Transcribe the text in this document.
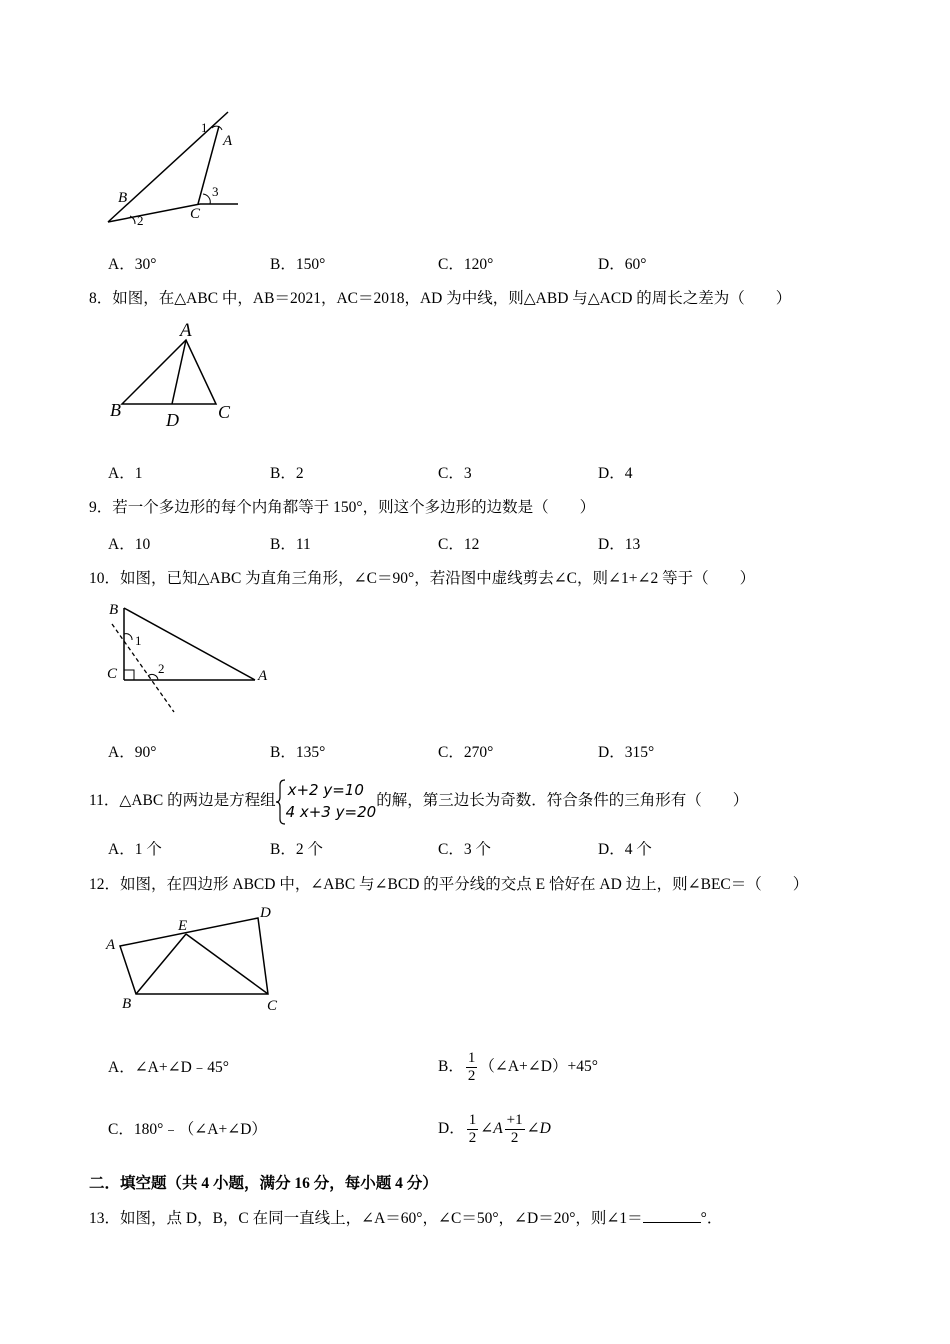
1
A
B
2	C
3
A．30°	B．150°	C．120°	D．60°
8．如图，在△ABC 中，AB＝2021，AC＝2018，AD 为中线，则△ABD 与△ACD 的周长之差为（　　）
A
B	D C
A．1	B．2	C．3	D．4
9．若一个多边形的每个内角都等于 150°，则这个多边形的边数是（　　）
A．10	B．11	C．12	D．13
10．如图，已知△ABC 为直角三角形，∠C＝90°，若沿图中虚线剪去∠C，则∠1+∠2 等于（　　）
B
1
C	2	A
A．90°	B．135°	C．270°	D．315°
11．△ABC 的两边是方程组
x+2 y=10
4 x+3 y=20
的解，第三边长为奇数．符合条件的三角形有（　　）
A．1 个	B．2 个	C．3 个	D．4 个
12．如图，在四边形 ABCD 中，∠ABC 与∠BCD 的平分线的交点 E 恰好在 AD 边上，则∠BEC＝（　　）
D
E
A
B	C
A．∠A+∠D﹣45°	B． $\frac{1}{2}$ （∠A+∠D）+45°
C．180°﹣（∠A+∠D）	D． $\frac{1}{2}$ ∠A $\frac{+1}{2}$ ∠D
二．填空题（共 4 小题，满分 16 分，每小题 4 分）
13．如图，点 D，B，C 在同一直线上，∠A＝60°，∠C＝50°，∠D＝20°，则∠1＝	°．
